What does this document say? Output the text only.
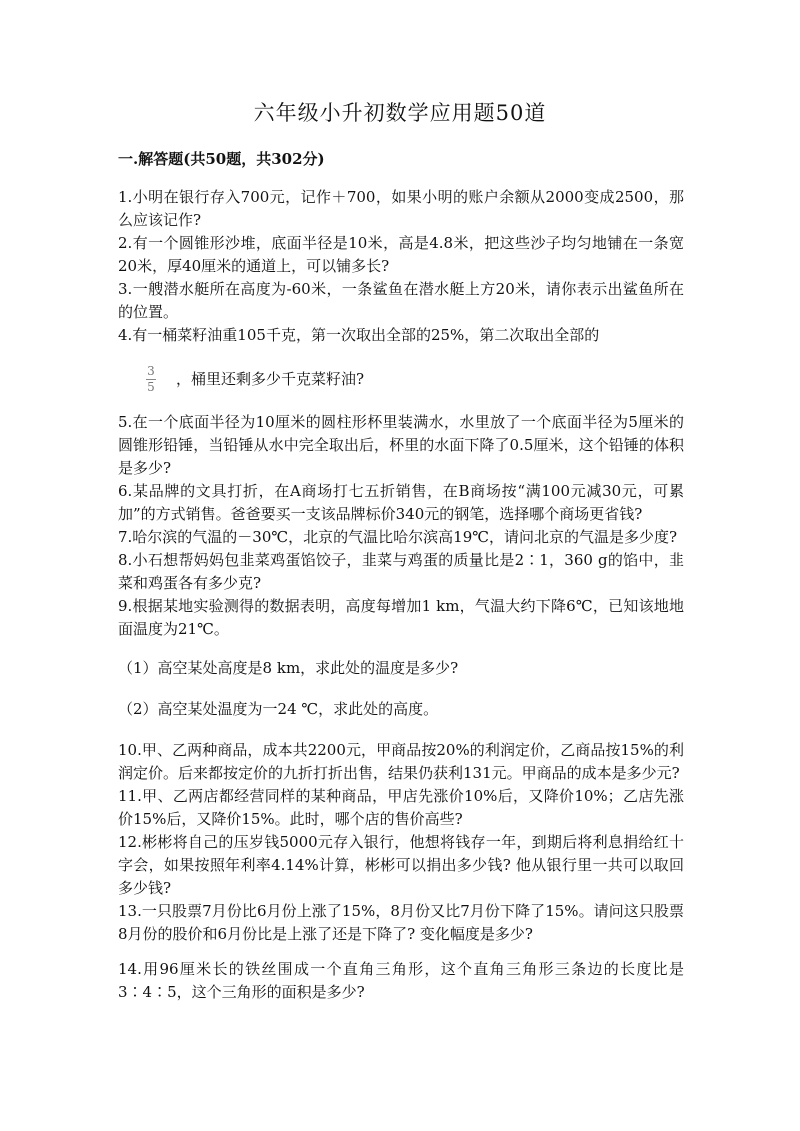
六年级小升初数学应用题50道
一.解答题(共50题，共302分)

1.小明在银行存入700元，记作＋700，如果小明的账户余额从2000变成2500，那么应该记作?

2.有一个圆锥形沙堆，底面半径是10米，高是4.8米，把这些沙子均匀地铺在一条宽20米，厚40厘米的通道上，可以铺多长?

3.一艘潜水艇所在高度为-60米，一条鲨鱼在潜水艇上方20米，请你表示出鲨鱼所在的位置。

4.有一桶菜籽油重105千克，第一次取出全部的25%，第二次取出全部的

$\frac{3}{5}$ ，桶里还剩多少千克菜籽油?

5.在一个底面半径为10厘米的圆柱形杯里装满水，水里放了一个底面半径为5厘米的圆锥形铅锤，当铅锤从水中完全取出后，杯里的水面下降了0.5厘米，这个铅锤的体积是多少?

6.某品牌的文具打折，在A商场打七五折销售，在B商场按“满100元减30元，可累加”的方式销售。爸爸要买一支该品牌标价340元的钢笔，选择哪个商场更省钱?

7.哈尔滨的气温的－30℃，北京的气温比哈尔滨高19℃，请问北京的气温是多少度?

8.小石想帮妈妈包韭菜鸡蛋馅饺子，韭菜与鸡蛋的质量比是2∶1，360 g的馅中，韭菜和鸡蛋各有多少克?

9.根据某地实验测得的数据表明，高度每增加1 km，气温大约下降6℃，已知该地地面温度为21℃。

（1）高空某处高度是8 km，求此处的温度是多少?

（2）高空某处温度为一24 ℃，求此处的高度。

10.甲、乙两种商品，成本共2200元，甲商品按20%的利润定价，乙商品按15%的利润定价。后来都按定价的九折打折出售，结果仍获利131元。甲商品的成本是多少元?

11.甲、乙两店都经营同样的某种商品，甲店先涨价10%后，又降价10%；乙店先涨价15%后，又降价15%。此时，哪个店的售价高些?

12.彬彬将自己的压岁钱5000元存入银行，他想将钱存一年，到期后将利息捐给红十字会，如果按照年利率4.14%计算，彬彬可以捐出多少钱? 他从银行里一共可以取回多少钱?

13.一只股票7月份比6月份上涨了15%，8月份又比7月份下降了15%。请问这只股票8月份的股价和6月份比是上涨了还是下降了? 变化幅度是多少?

14.用96厘米长的铁丝围成一个直角三角形，这个直角三角形三条边的长度比是3∶4∶5，这个三角形的面积是多少?
